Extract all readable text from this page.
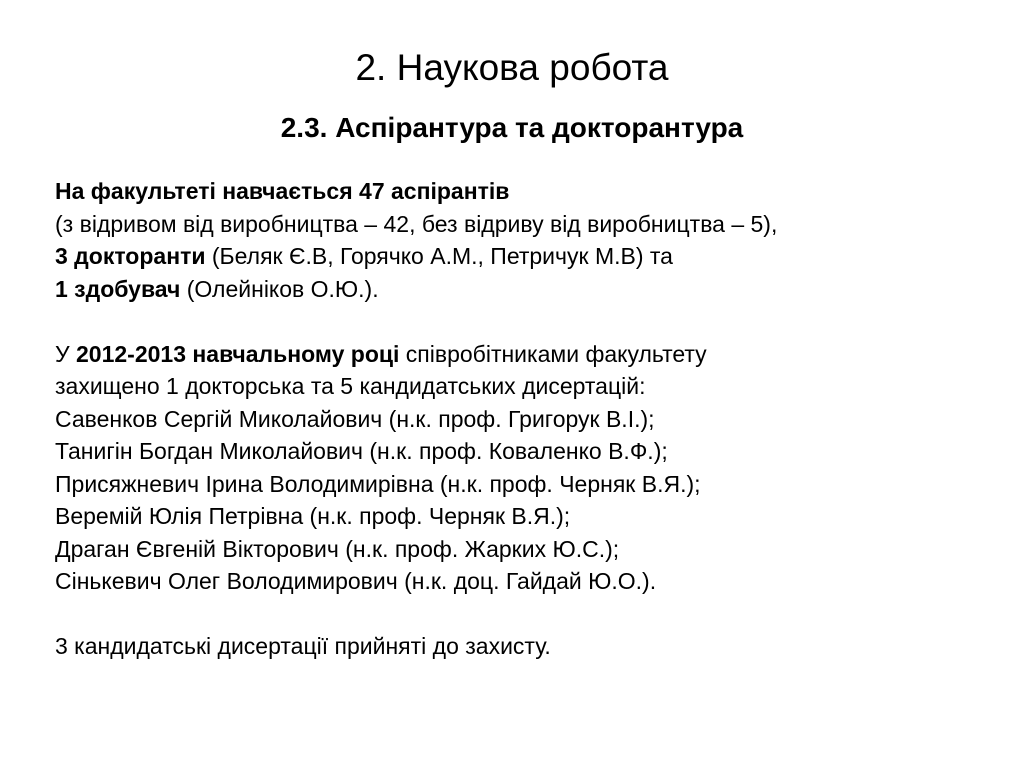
2. Наукова робота
2.3. Аспірантура та докторантура
На факультеті навчається 47 аспірантів
(з відривом від виробництва – 42, без відриву від виробництва – 5),
3 докторанти (Беляк Є.В, Горячко А.М., Петричук М.В) та
1 здобувач (Олейніков О.Ю.).
У 2012-2013 навчальному році співробітниками факультету
захищено 1 докторська та 5 кандидатських дисертацій:
Савенков Сергій Миколайович (н.к. проф. Григорук В.І.);
Танигін Богдан Миколайович (н.к. проф. Коваленко В.Ф.);
Присяжневич Ірина Володимирівна (н.к. проф. Черняк В.Я.);
Веремій Юлія Петрівна (н.к. проф. Черняк В.Я.);
Драган Євгеній Вікторович (н.к. проф. Жарких Ю.С.);
Сінькевич Олег Володимирович (н.к. доц. Гайдай Ю.О.).
3 кандидатські дисертації прийняті до захисту.
